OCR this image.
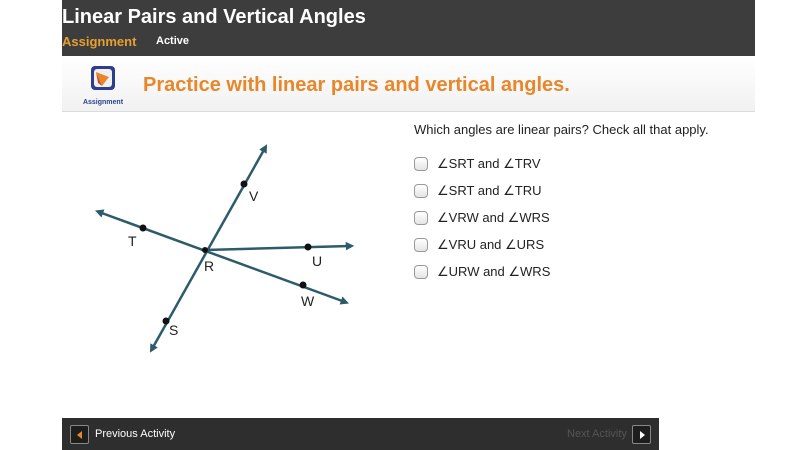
Linear Pairs and Vertical Angles
Assignment Active
Assignment
Practice with linear pairs and vertical angles.
R
V
T
U
W
S
Which angles are linear pairs? Check all that apply.
∠SRT and ∠TRV
∠SRT and ∠TRU
∠VRW and ∠WRS
∠VRU and ∠URS
∠URW and ∠WRS
Previous Activity	Next Activity
